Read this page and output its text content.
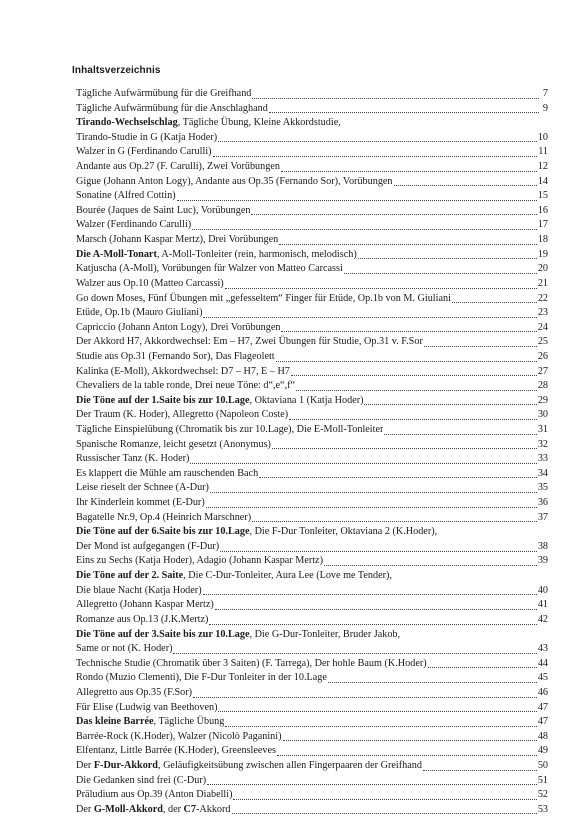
Inhaltsverzeichnis
Tägliche Aufwärmübung für die Greifhand	7
Tägliche Aufwärmübung für die Anschlaghand	9
Tirando-Wechselschlag, Tägliche Übung, Kleine Akkordstudie,
Tirando-Studie in G (Katja Hoder)	10
Walzer in G (Ferdinando Carulli)	11
Andante aus Op.27 (F. Carulli), Zwei Vorübungen	12
Gigue (Johann Anton Logy), Andante aus Op.35 (Fernando Sor), Vorübungen	14
Sonatine (Alfred Cottin)	15
Bourée (Jaques de Saint Luc), Vorübungen	16
Walzer (Ferdinando Carulli)	17
Marsch (Johann Kaspar Mertz), Drei Vorübungen	18
Die A-Moll-Tonart, A-Moll-Tonleiter (rein, harmonisch, melodisch)	19
Katjuscha (A-Moll), Vorübungen für Walzer von Matteo Carcassi	20
Walzer aus Op.10 (Matteo Carcassi)	21
Go down Moses, Fünf Übungen mit „gefesseltem“ Finger für Etüde, Op.1b von M. Giuliani	22
Etüde, Op.1b (Mauro Giuliani)	23
Capriccio (Johann Anton Logy), Drei Vorübungen	24
Der Akkord H7, Akkordwechsel: Em – H7, Zwei Übungen für Studie, Op.31 v. F.Sor	25
Studie aus Op.31 (Fernando Sor), Das Flageolett	26
Kalinka (E-Moll), Akkordwechsel: D7 – H7, E – H7	27
Chevaliers de la table ronde, Drei neue Töne: d“,e“,f“	28
Die Töne auf der 1.Saite bis zur 10.Lage, Oktaviana 1 (Katja Hoder)	29
Der Traum (K. Hoder), Allegretto (Napoleon Coste)	30
Tägliche Einspielübung (Chromatik bis zur 10.Lage), Die E-Moll-Tonleiter	31
Spanische Romanze, leicht gesetzt (Anonymus)	32
Russischer Tanz (K. Hoder)	33
Es klappert die Mühle am rauschenden Bach	34
Leise rieselt der Schnee (A-Dur)	35
Ihr Kinderlein kommet (E-Dur)	36
Bagatelle Nr.9, Op.4 (Heinrich Marschner)	37
Die Töne auf der 6.Saite bis zur 10.Lage, Die F-Dur Tonleiter, Oktaviana 2 (K.Hoder),
Der Mond ist aufgegangen (F-Dur)	38
Eins zu Sechs (Katja Hoder), Adagio (Johann Kaspar Mertz)	39
Die Töne auf der 2. Saite, Die C-Dur-Tonleiter, Aura Lee (Love me Tender),
Die blaue Nacht (Katja Hoder)	40
Allegretto (Johann Kaspar Mertz)	41
Romanze aus Op.13 (J.K.Mertz)	42
Die Töne auf der 3.Saite bis zur 10.Lage, Die G-Dur-Tonleiter, Bruder Jakob,
Same or not (K. Hoder)	43
Technische Studie (Chromatik über 3 Saiten) (F. Tarrega), Der hohle Baum (K.Hoder)	44
Rondo (Muzio Clementi), Die F-Dur Tonleiter in der 10.Lage	45
Allegretto aus Op.35 (F.Sor)	46
Für Elise (Ludwig van Beethoven)	47
Das kleine Barrée, Tägliche Übung	47
Barrée-Rock (K.Hoder), Walzer (Nicolò Paganini)	48
Elfentanz, Little Barrée (K.Hoder), Greensleeves	49
Der F-Dur-Akkord, Geläufigkeitsübung zwischen allen Fingerpaaren der Greifhand	50
Die Gedanken sind frei (C-Dur)	51
Präludium aus Op.39 (Anton Diabelli)	52
Der G-Moll-Akkord, der C7-Akkord	53
